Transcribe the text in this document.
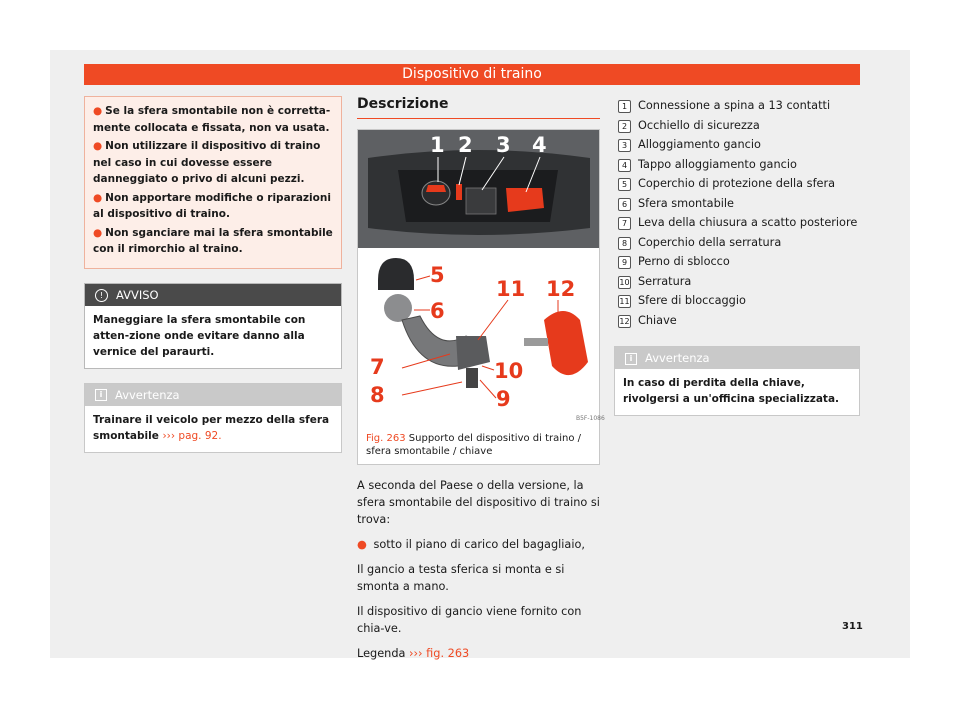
Dispositivo di traino
● Se la sfera smontabile non è corretta-mente collocata e fissata, non va usata.
● Non utilizzare il dispositivo di traino nel caso in cui dovesse essere danneggiato o privo di alcuni pezzi.
● Non apportare modifiche o riparazioni al dispositivo di traino.
● Non sganciare mai la sfera smontabile con il rimorchio al traino.
! AVVISO
Maneggiare la sfera smontabile con atten-zione onde evitare danno alla vernice del paraurti.
i Avvertenza
Trainare il veicolo per mezzo della sfera smontabile ››› pag. 92.
Descrizione
1 2 3 4
5
6
7
8	9
10
11 12
B5F-1086
Fig. 263 Supporto del dispositivo di traino / sfera smontabile / chiave

A seconda del Paese o della versione, la sfera smontabile del dispositivo di traino si trova:

● sotto il piano di carico del bagagliaio,

Il gancio a testa sferica si monta e si smonta a mano.

Il dispositivo di gancio viene fornito con chia-ve.

Legenda ››› fig. 263

1 Connessione a spina a 13 contatti
2 Occhiello di sicurezza
3 Alloggiamento gancio
4 Tappo alloggiamento gancio
5 Coperchio di protezione della sfera
6 Sfera smontabile
7 Leva della chiusura a scatto posteriore
8 Coperchio della serratura
9 Perno di sblocco
10 Serratura
11 Sfere di bloccaggio
12 Chiave
i Avvertenza
In caso di perdita della chiave, rivolgersi a un'officina specializzata.
311
